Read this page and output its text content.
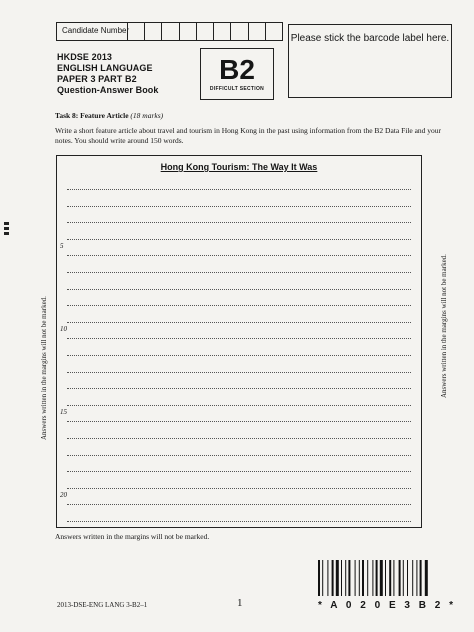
Candidate Number
Please stick the barcode label here.
HKDSE 2013
ENGLISH LANGUAGE
PAPER 3 PART B2
Question-Answer Book
B2
DIFFICULT SECTION
Task 8: Feature Article (18 marks)
Write a short feature article about travel and tourism in Hong Kong in the past using information from the B2 Data File and your notes. You should write around 150 words.
Hong Kong Tourism: The Way It Was
5
10
15
20
Answers written in the margins will not be marked.	Answers written in the margins will not be marked.
Answers written in the margins will not be marked.
2013-DSE-ENG LANG 3-B2–1	1	* A 0 2 0 E 3 B 2 *
